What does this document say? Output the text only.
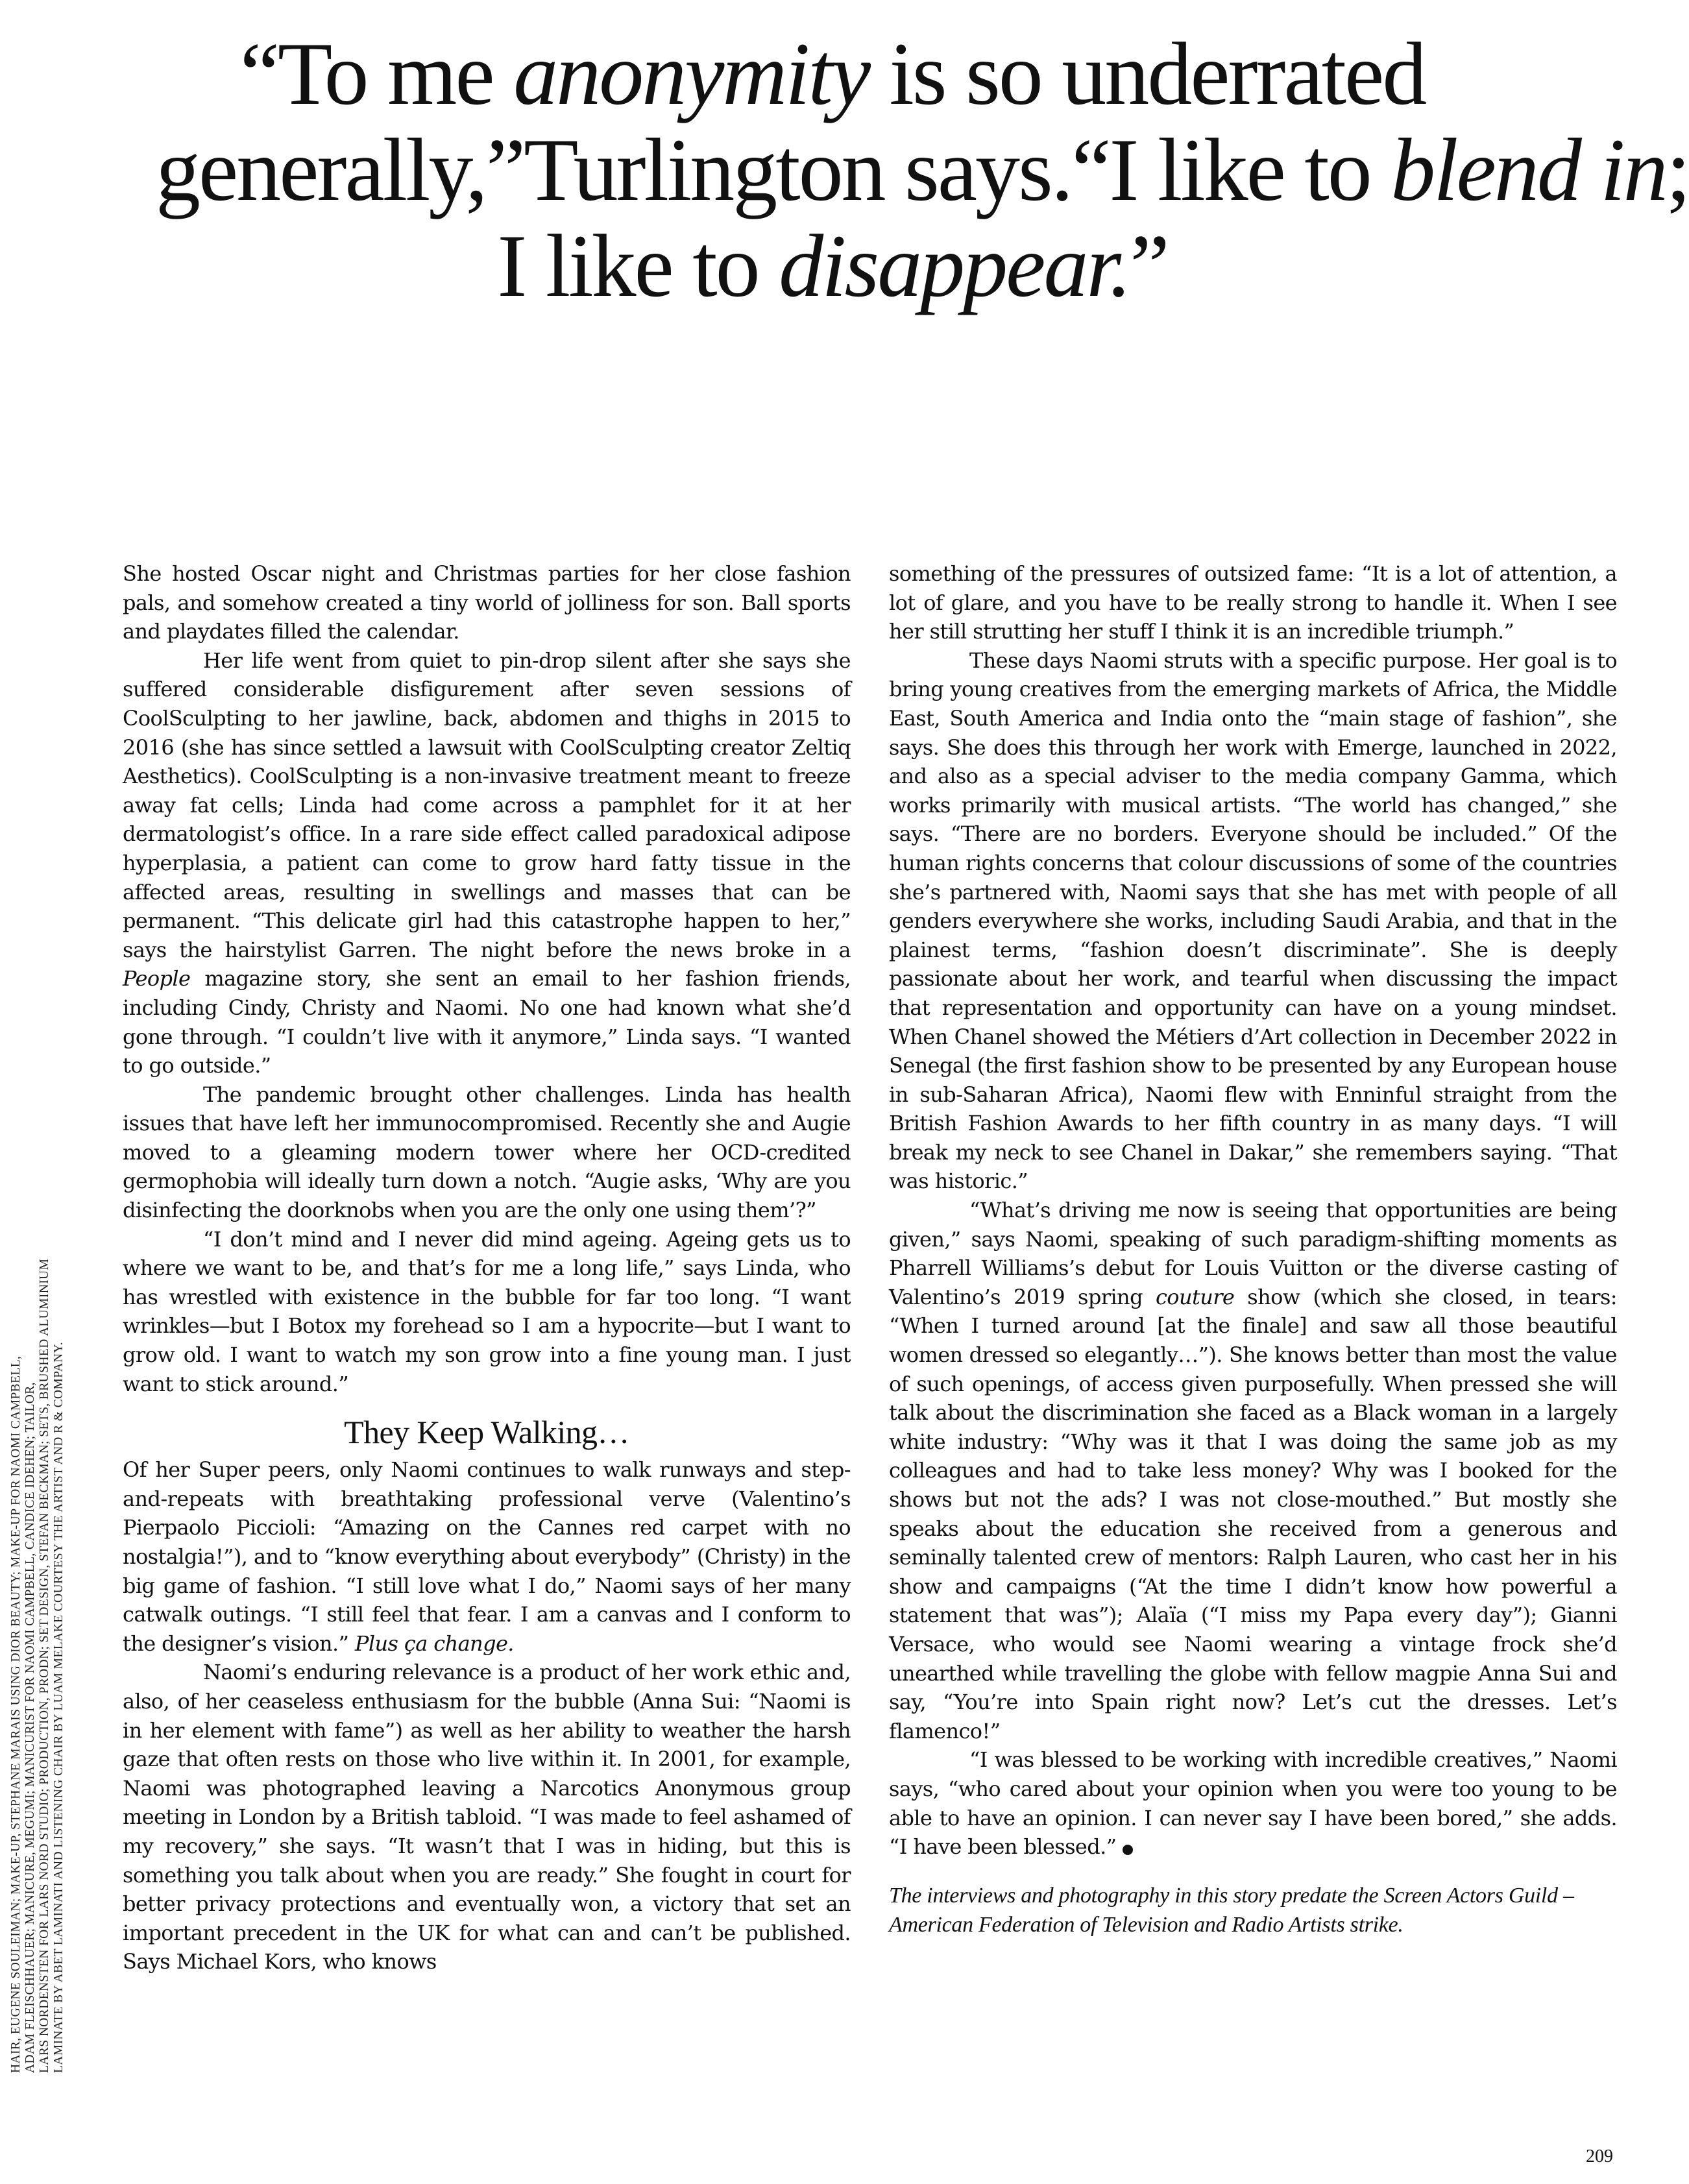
“To me anonymity is so underrated
generally,”Turlington says.“I like to blend in;
I like to disappear.”
HAIR, EUGENE SOULEIMAN; MAKE-UP, STEPHANE MARAIS USING DIOR BEAUTY; MAKE-UP FOR NAOMI CAMPBELL, ADAM FLEISCHHAUER; MANICURE, MEGUMI; MANICURIST FOR NAOMI CAMPBELL, CANDICE IDEHEN; TAILOR, LARS NORDENSTEN FOR LARS NORD STUDIO; PRODUCTION, PRODN; SET DESIGN, STEFAN BECKMAN; SETS, BRUSHED ALUMINIUM LAMINATE BY ABET LAMINATI AND LISTENING CHAIR BY LUAM MELAKE COURTESY THE ARTIST AND R & COMPANY.

She hosted Oscar night and Christmas parties for her close fashion pals, and somehow created a tiny world of jolliness for son. Ball sports and playdates filled the calendar.

Her life went from quiet to pin-drop silent after she says she suffered considerable disfigurement after seven sessions of CoolSculpting to her jawline, back, abdomen and thighs in 2015 to 2016 (she has since settled a lawsuit with CoolSculpting creator Zeltiq Aesthetics). CoolSculpting is a non-invasive treatment meant to freeze away fat cells; Linda had come across a pamphlet for it at her dermatologist’s office. In a rare side effect called paradoxical adipose hyperplasia, a patient can come to grow hard fatty tissue in the affected areas, resulting in swellings and masses that can be permanent. “This delicate girl had this catastrophe happen to her,” says the hairstylist Garren. The night before the news broke in a People magazine story, she sent an email to her fashion friends, including Cindy, Christy and Naomi. No one had known what she’d gone through. “I couldn’t live with it anymore,” Linda says. “I wanted to go outside.”

The pandemic brought other challenges. Linda has health issues that have left her immunocompromised. Recently she and Augie moved to a gleaming modern tower where her OCD-credited germophobia will ideally turn down a notch. “Augie asks, ‘Why are you disinfecting the doorknobs when you are the only one using them’?”

“I don’t mind and I never did mind ageing. Ageing gets us to where we want to be, and that’s for me a long life,” says Linda, who has wrestled with existence in the bubble for far too long. “I want wrinkles—but I Botox my forehead so I am a hypocrite—but I want to grow old. I want to watch my son grow into a fine young man. I just want to stick around.”

They Keep Walking…

Of her Super peers, only Naomi continues to walk runways and step-and-repeats with breathtaking professional verve (Valentino’s Pierpaolo Piccioli: “Amazing on the Cannes red carpet with no nostalgia!”), and to “know everything about everybody” (Christy) in the big game of fashion. “I still love what I do,” Naomi says of her many catwalk outings. “I still feel that fear. I am a canvas and I conform to the designer’s vision.” Plus ça change.

Naomi’s enduring relevance is a product of her work ethic and, also, of her ceaseless enthusiasm for the bubble (Anna Sui: “Naomi is in her element with fame”) as well as her ability to weather the harsh gaze that often rests on those who live within it. In 2001, for example, Naomi was photographed leaving a Narcotics Anonymous group meeting in London by a British tabloid. “I was made to feel ashamed of my recovery,” she says. “It wasn’t that I was in hiding, but this is something you talk about when you are ready.” She fought in court for better privacy protections and eventually won, a victory that set an important precedent in the UK for what can and can’t be published. Says Michael Kors, who knows

something of the pressures of outsized fame: “It is a lot of attention, a lot of glare, and you have to be really strong to handle it. When I see her still strutting her stuff I think it is an incredible triumph.”

These days Naomi struts with a specific purpose. Her goal is to bring young creatives from the emerging markets of Africa, the Middle East, South America and India onto the “main stage of fashion”, she says. She does this through her work with Emerge, launched in 2022, and also as a special adviser to the media company Gamma, which works primarily with musical artists. “The world has changed,” she says. “There are no borders. Everyone should be included.” Of the human rights concerns that colour discussions of some of the countries she’s partnered with, Naomi says that she has met with people of all genders everywhere she works, including Saudi Arabia, and that in the plainest terms, “fashion doesn’t discriminate”. She is deeply passionate about her work, and tearful when discussing the impact that representation and opportunity can have on a young mindset. When Chanel showed the Métiers d’Art collection in December 2022 in Senegal (the first fashion show to be presented by any European house in sub-Saharan Africa), Naomi flew with Enninful straight from the British Fashion Awards to her fifth country in as many days. “I will break my neck to see Chanel in Dakar,” she remembers saying. “That was historic.”

“What’s driving me now is seeing that opportunities are being given,” says Naomi, speaking of such paradigm-shifting moments as Pharrell Williams’s debut for Louis Vuitton or the diverse casting of Valentino’s 2019 spring couture show (which she closed, in tears: “When I turned around [at the finale] and saw all those beautiful women dressed so elegantly…”). She knows better than most the value of such openings, of access given purposefully. When pressed she will talk about the discrimination she faced as a Black woman in a largely white industry: “Why was it that I was doing the same job as my colleagues and had to take less money? Why was I booked for the shows but not the ads? I was not close-mouthed.” But mostly she speaks about the education she received from a generous and seminally talented crew of mentors: Ralph Lauren, who cast her in his show and campaigns (“At the time I didn’t know how powerful a statement that was”); Alaïa (“I miss my Papa every day”); Gianni Versace, who would see Naomi wearing a vintage frock she’d unearthed while travelling the globe with fellow magpie Anna Sui and say, “You’re into Spain right now? Let’s cut the dresses. Let’s flamenco!”

“I was blessed to be working with incredible creatives,” Naomi says, “who cared about your opinion when you were too young to be able to have an opinion. I can never say I have been bored,” she adds. “I have been blessed.”

The interviews and photography in this story predate the Screen Actors Guild – American Federation of Television and Radio Artists strike.

209
